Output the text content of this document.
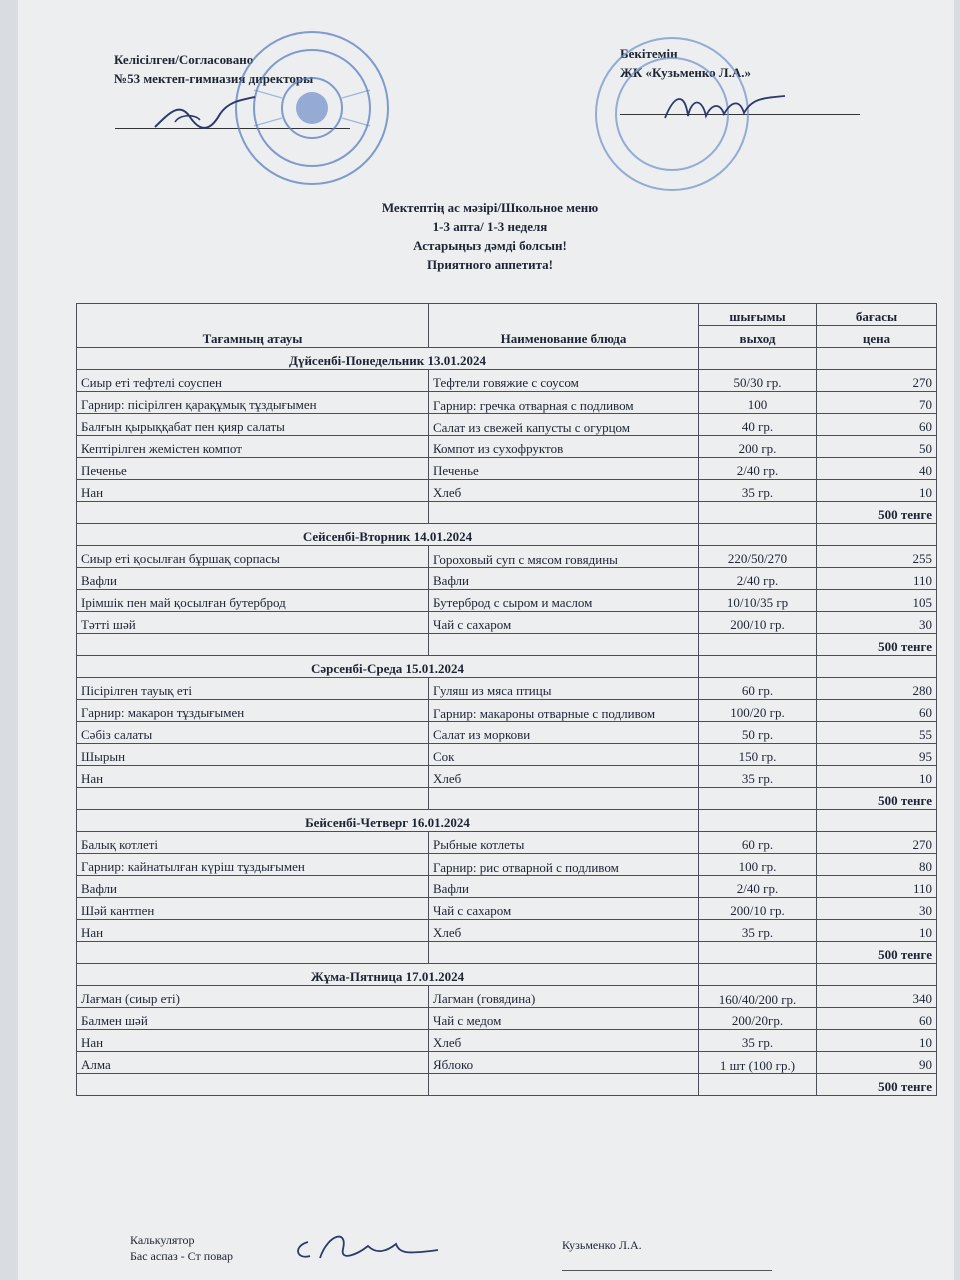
Келісілген/Согласовано
№53 мектеп-гимназия директоры
Бекітемін
ЖК «Кузьменко Л.А.»
Мектептің ас мәзірі/Школьное меню
1-3 апта/ 1-3 неделя
Астарыңыз дәмді болсын!
Приятного аппетита!
Тағамның атауы	Наименование блюда	шығымы	бағасы
		выход	цена
Дүйсенбі-Понедельник 13.01.2024			
Сиыр еті тефтелі соуспен	Тефтели говяжие с соусом	50/30 гр.	270
Гарнир: пісірілген қарақұмық тұздығымен	Гарнир: гречка отварная с подливом	100	70
Балғын қырыққабат пен қияр салаты	Салат из свежей капусты с огурцом	40 гр.	60
Кептірілген жемістен компот	Компот из сухофруктов	200 гр.	50
Печенье	Печенье	2/40 гр.	40
Нан	Хлеб	35 гр.	10
			500 тенге
Сейсенбі-Вторник 14.01.2024			
Сиыр еті қосылған бұршақ сорпасы	Гороховый суп с мясом говядины	220/50/270	255
Вафли	Вафли	2/40 гр.	110
Ірімшік пен май қосылған бутерброд	Бутерброд с сыром и маслом	10/10/35 гр	105
Тәтті шәй	Чай с сахаром	200/10 гр.	30
			500 тенге
Сәрсенбі-Среда 15.01.2024			
Пісірілген тауық еті	Гуляш из мяса птицы	60 гр.	280
Гарнир: макарон тұздығымен	Гарнир: макароны отварные с подливом	100/20 гр.	60
Сәбіз салаты	Салат из моркови	50 гр.	55
Шырын	Сок	150 гр.	95
Нан	Хлеб	35 гр.	10
			500 тенге
Бейсенбі-Четверг 16.01.2024			
Балық котлеті	Рыбные котлеты	60 гр.	270
Гарнир: кайнатылған күріш тұздығымен	Гарнир: рис отварной с подливом	100 гр.	80
Вафли	Вафли	2/40 гр.	110
Шәй кантпен	Чай с сахаром	200/10 гр.	30
Нан	Хлеб	35 гр.	10
			500 тенге
Жұма-Пятница 17.01.2024			
Лағман (сиыр еті)	Лагман (говядина)	160/40/200 гр.	340
Балмен шәй	Чай с медом	200/20гр.	60
Нан	Хлеб	35 гр.	10
Алма	Яблоко	1 шт (100 гр.)	90
			500 тенге
Калькулятор
Бас аспаз - Ст повар
Кузьменко Л.А.
